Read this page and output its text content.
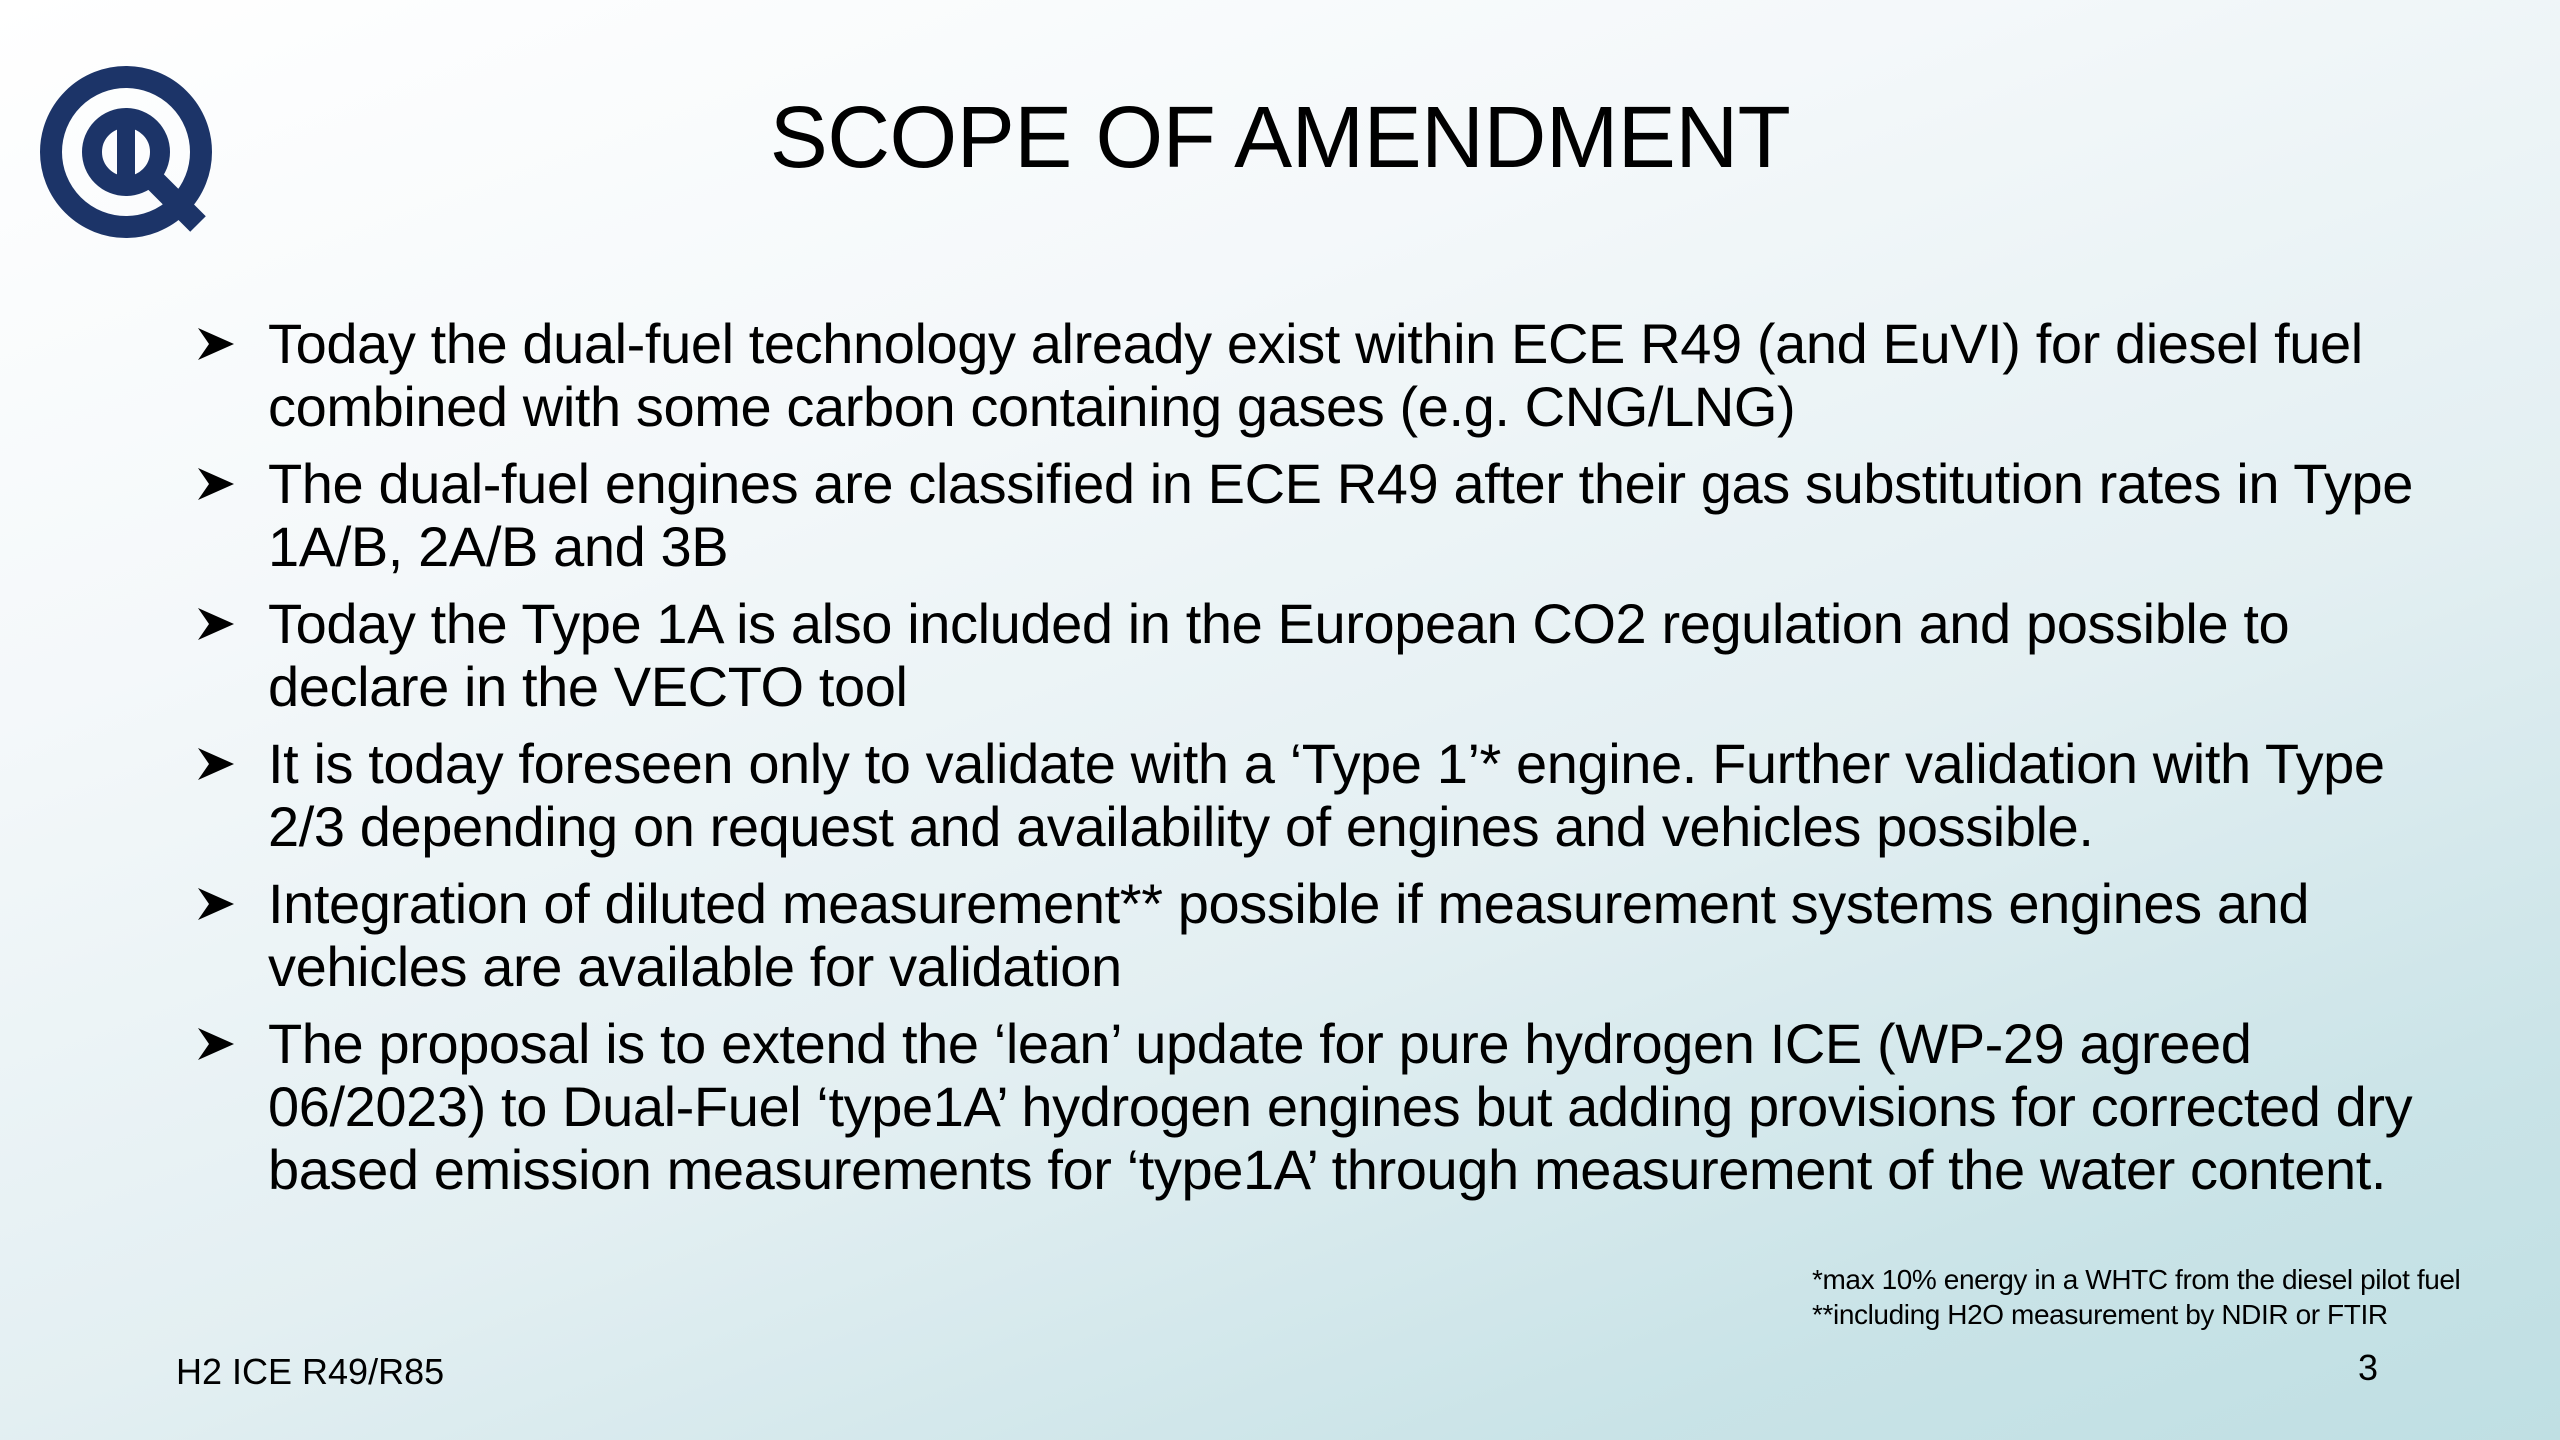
SCOPE OF AMENDMENT
Today the dual-fuel technology already exist within ECE R49 (and EuVI) for diesel fuel combined with some carbon containing gases (e.g. CNG/LNG)
The dual-fuel engines are classified in ECE R49 after their gas substitution rates in Type 1A/B, 2A/B and 3B
Today the Type 1A is also included in the European CO2 regulation and possible to declare in the VECTO tool
It is today foreseen only to validate with a ‘Type 1’* engine. Further validation with Type 2/3 depending on request and availability of engines and vehicles possible.
Integration of diluted measurement** possible if measurement systems engines and vehicles are available for validation
The proposal is to extend the ‘lean’ update for pure hydrogen ICE (WP-29 agreed 06/2023) to Dual-Fuel ‘type1A’ hydrogen engines but adding provisions for corrected dry based emission measurements for ‘type1A’ through measurement of the water content.
*max 10% energy in a WHTC from the diesel pilot fuel
**including H2O measurement by NDIR or FTIR
H2 ICE R49/R85	3
